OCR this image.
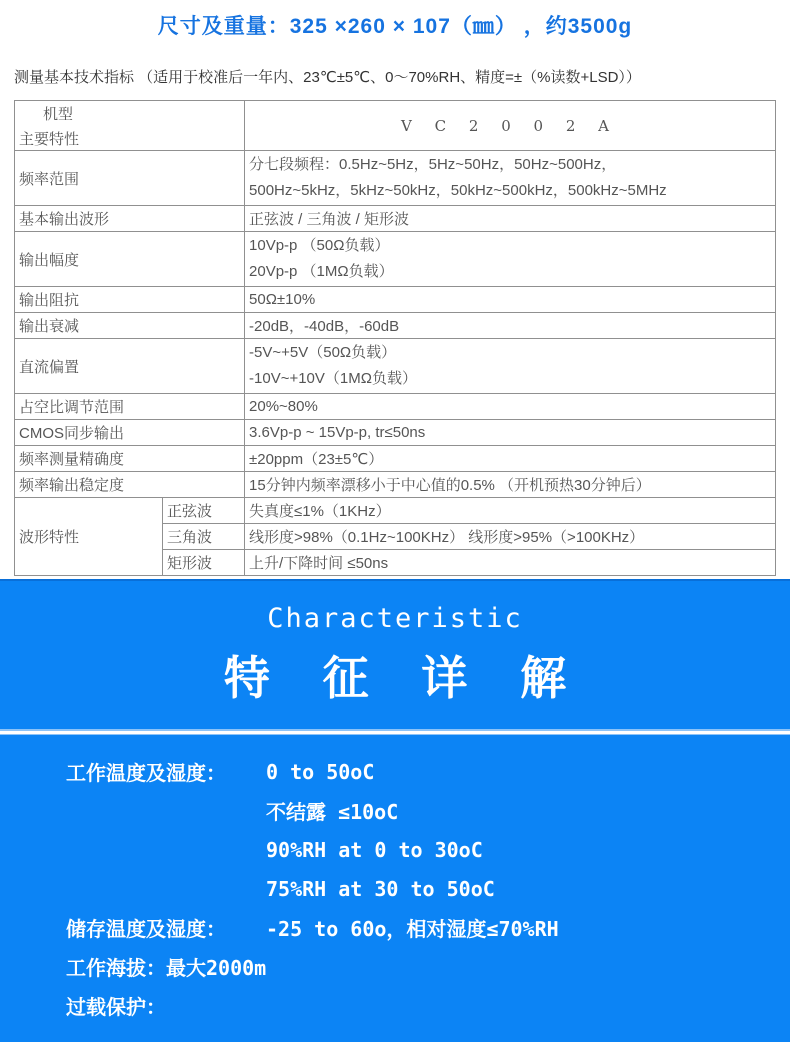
尺寸及重量：325 ×260 × 107（㎜） ，约3500g
测量基本技术指标 （适用于校准后一年内、23℃±5℃、0～70%RH、精度=±（%读数+LSD））
机型
主要特性		V C 2 0 0 2 A
频率范围		分七段频程：0.5Hz~5Hz，5Hz~50Hz，50Hz~500Hz，
500Hz~5kHz，5kHz~50kHz，50kHz~500kHz，500kHz~5MHz

基本输出波形		正弦波 / 三角波 / 矩形波
输出幅度		10Vp-p （50Ω负载）
20Vp-p （1MΩ负载）

输出阻抗		50Ω±10%
输出衰减		-20dB，-40dB，-60dB
直流偏置		-5V~+5V（50Ω负载）
-10V~+10V（1MΩ负载）

占空比调节范围		20%~80%
CMOS同步输出		3.6Vp-p ~ 15Vp-p, tr≤50ns
频率测量精确度		±20ppm（23±5℃）
频率输出稳定度		15分钟内频率漂移小于中心值的0.5% （开机预热30分钟后）
波形特性	正弦波	失真度≤1%（1KHz）
	三角波	线形度>98%（0.1Hz~100KHz） 线形度>95%（>100KHz）
	矩形波	上升/下降时间 ≤50ns
Characteristic
特 征 详 解
工作温度及湿度：	0 to 50oC
不结露 ≤10oC
90%RH at 0 to 30oC
75%RH at 30 to 50oC
储存温度及湿度：	-25 to 60o，相对湿度≤70%RH
工作海拔： 最大2000m
过载保护：
